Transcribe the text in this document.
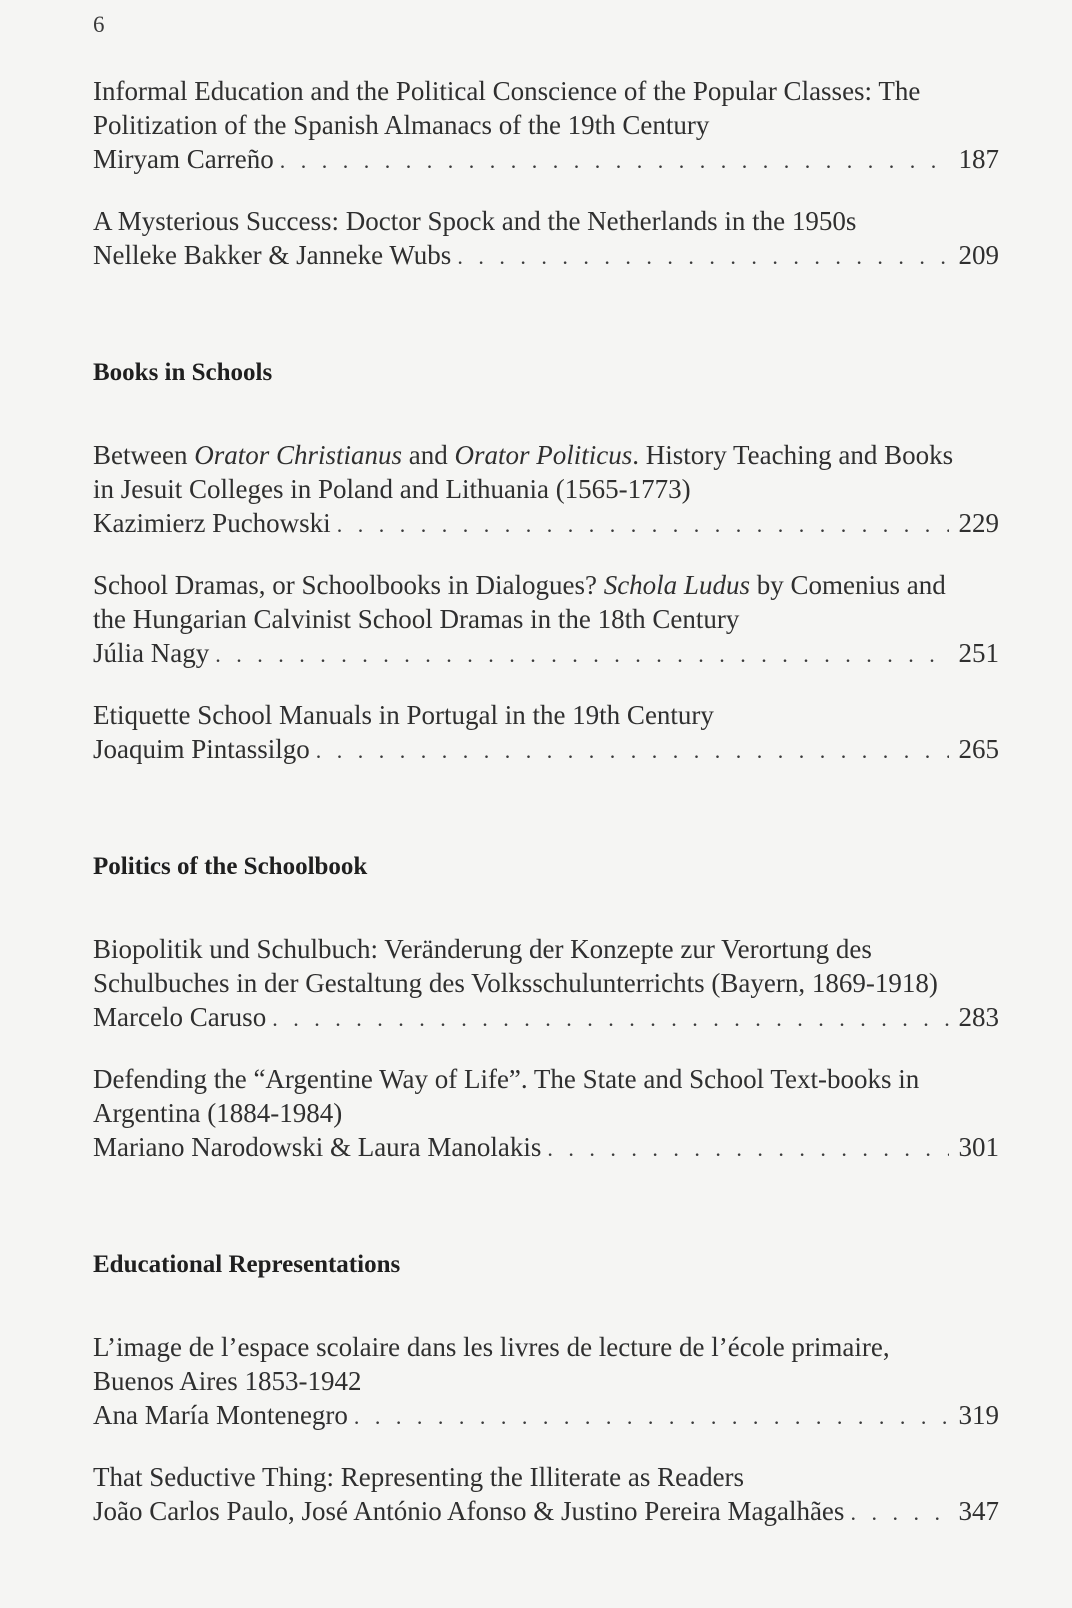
6
Informal Education and the Political Conscience of the Popular Classes: The Politization of the Spanish Almanacs of the 19th Century
Miryam Carreño . . .	187
A Mysterious Success: Doctor Spock and the Netherlands in the 1950s
Nelleke Bakker & Janneke Wubs . . .	209
Books in Schools
Between Orator Christianus and Orator Politicus. History Teaching and Books in Jesuit Colleges in Poland and Lithuania (1565-1773)
Kazimierz Puchowski . . .	229
School Dramas, or Schoolbooks in Dialogues? Schola Ludus by Comenius and the Hungarian Calvinist School Dramas in the 18th Century
Júlia Nagy . . .	251
Etiquette School Manuals in Portugal in the 19th Century
Joaquim Pintassilgo . . .	265
Politics of the Schoolbook
Biopolitik und Schulbuch: Veränderung der Konzepte zur Verortung des Schulbuches in der Gestaltung des Volksschulunterrichts (Bayern, 1869-1918)
Marcelo Caruso . . .	283
Defending the “Argentine Way of Life”. The State and School Text-books in Argentina (1884-1984)
Mariano Narodowski & Laura Manolakis . . .	301
Educational Representations
L’image de l’espace scolaire dans les livres de lecture de l’école primaire, Buenos Aires 1853-1942
Ana María Montenegro . . .	319
That Seductive Thing: Representing the Illiterate as Readers
João Carlos Paulo, José António Afonso & Justino Pereira Magalhães . . .	347
